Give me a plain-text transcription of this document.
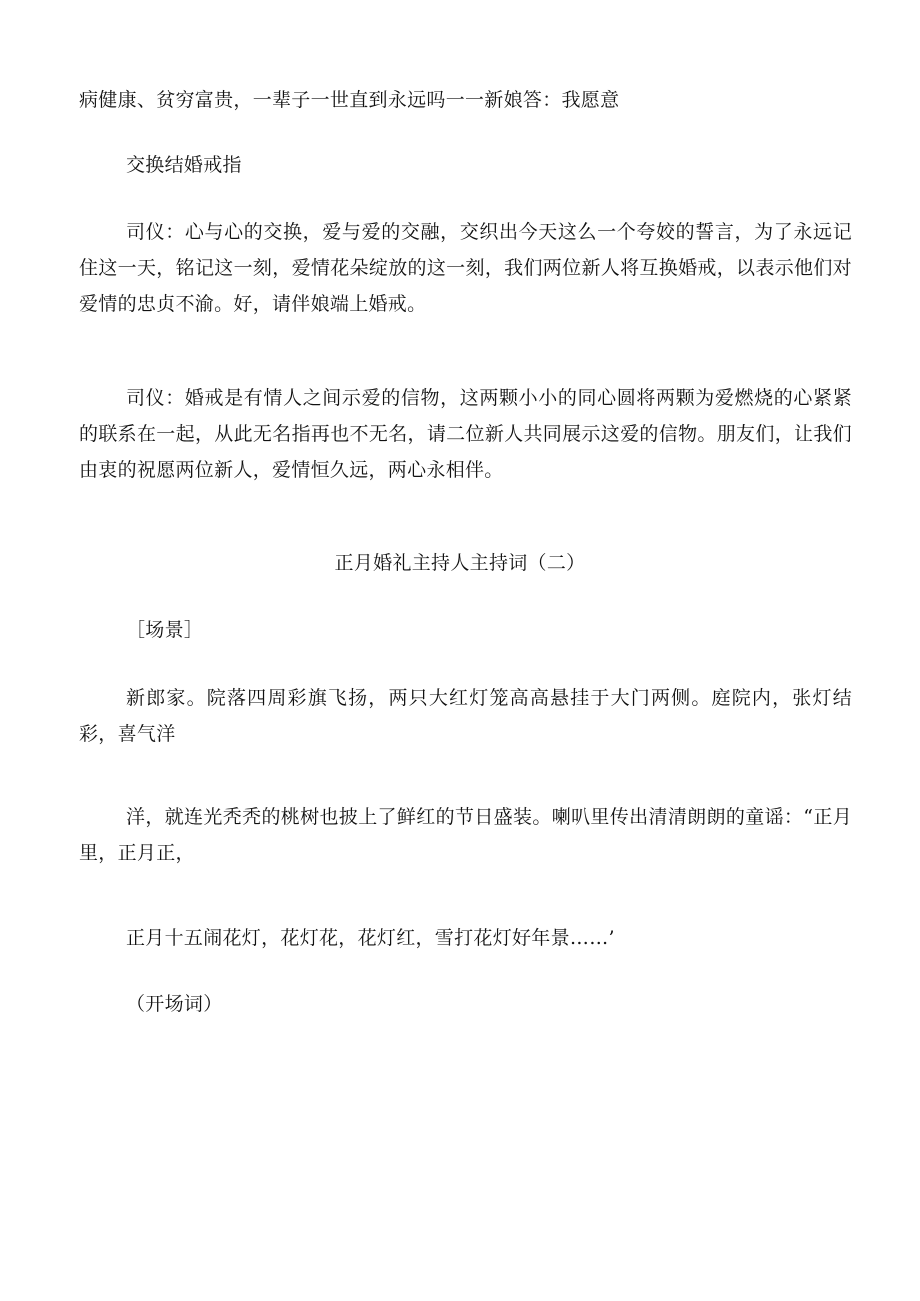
病健康、贫穷富贵，一辈子一世直到永远吗一一新娘答：我愿意

交换结婚戒指

司仪：心与心的交换，爱与爱的交融，交织出今天这么一个夸姣的誓言，为了永远记住这一天，铭记这一刻，爱情花朵绽放的这一刻，我们两位新人将互换婚戒，以表示他们对爱情的忠贞不渝。好，请伴娘端上婚戒。

司仪：婚戒是有情人之间示爱的信物，这两颗小小的同心圆将两颗为爱燃烧的心紧紧的联系在一起，从此无名指再也不无名，请二位新人共同展示这爱的信物。朋友们，让我们由衷的祝愿两位新人，爱情恒久远，两心永相伴。

正月婚礼主持人主持词（二）

［场景］

新郎家。院落四周彩旗飞扬，两只大红灯笼高高悬挂于大门两侧。庭院内，张灯结彩，喜气洋

洋，就连光秃秃的桃树也披上了鲜红的节日盛装。喇叭里传出清清朗朗的童谣：“正月里，正月正，

正月十五闹花灯，花灯花，花灯红，雪打花灯好年景……’

（开场词）
